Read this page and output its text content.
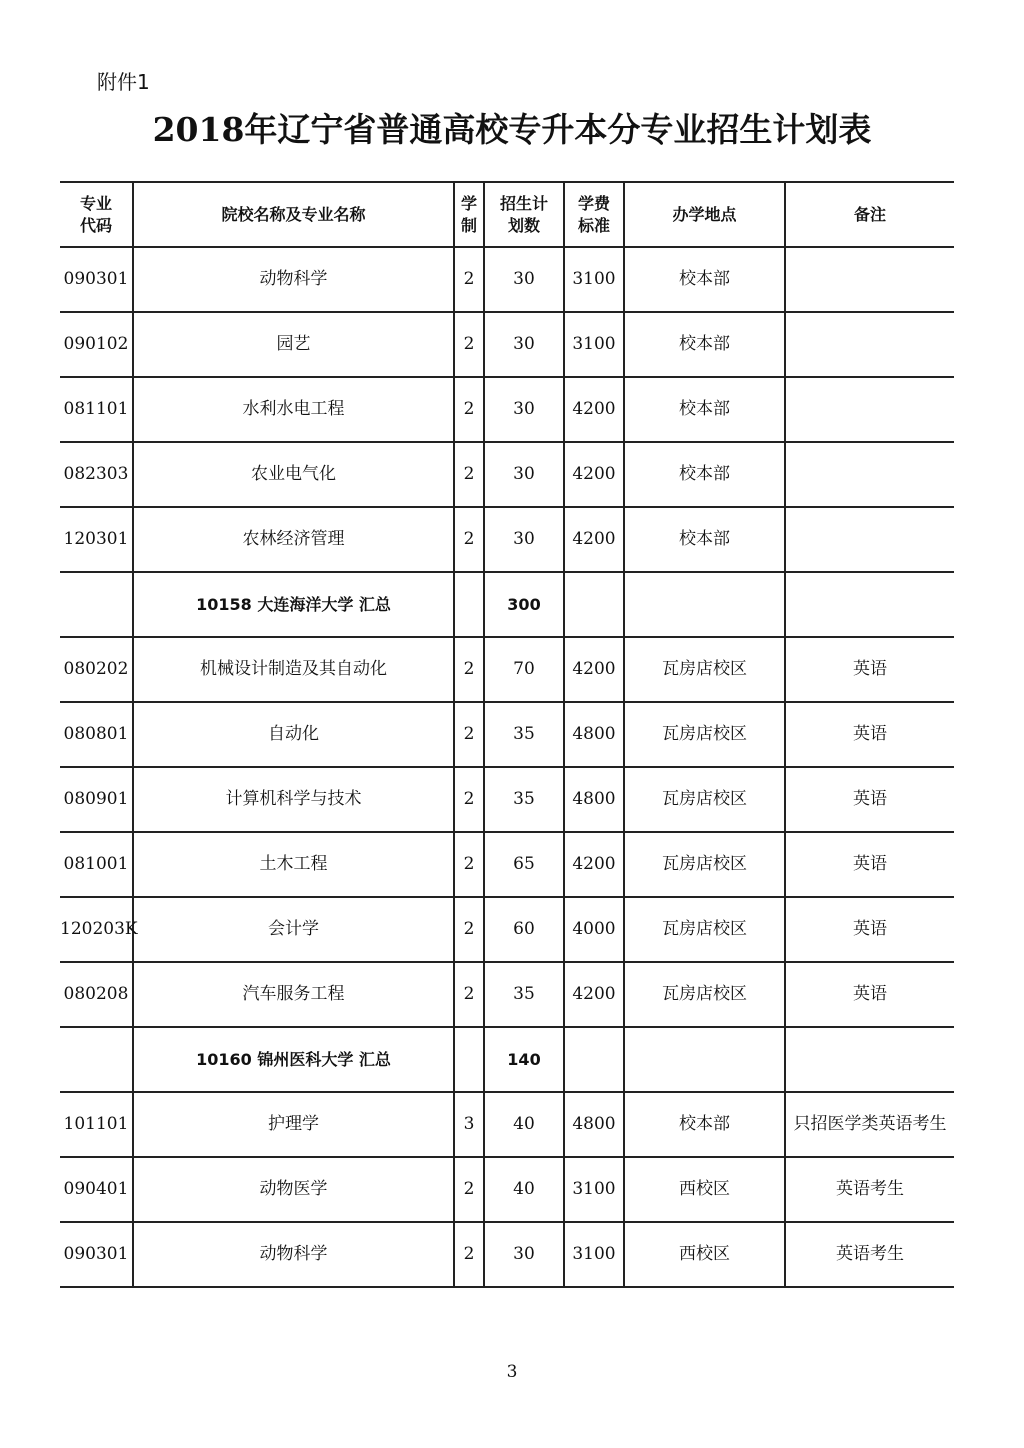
附件1
2018年辽宁省普通高校专升本分专业招生计划表
专业代码	院校名称及专业名称	学制	招生计划数	学费标准	办学地点	备注
090301	动物科学	2	30	3100	校本部	
090102	园艺	2	30	3100	校本部	
081101	水利水电工程	2	30	4200	校本部	
082303	农业电气化	2	30	4200	校本部	
120301	农林经济管理	2	30	4200	校本部	
	10158 大连海洋大学 汇总		300			
080202	机械设计制造及其自动化	2	70	4200	瓦房店校区	英语
080801	自动化	2	35	4800	瓦房店校区	英语
080901	计算机科学与技术	2	35	4800	瓦房店校区	英语
081001	土木工程	2	65	4200	瓦房店校区	英语
120203K	会计学	2	60	4000	瓦房店校区	英语
080208	汽车服务工程	2	35	4200	瓦房店校区	英语
	10160 锦州医科大学 汇总		140			
101101	护理学	3	40	4800	校本部	只招医学类英语考生
090401	动物医学	2	40	3100	西校区	英语考生
090301	动物科学	2	30	3100	西校区	英语考生
3
